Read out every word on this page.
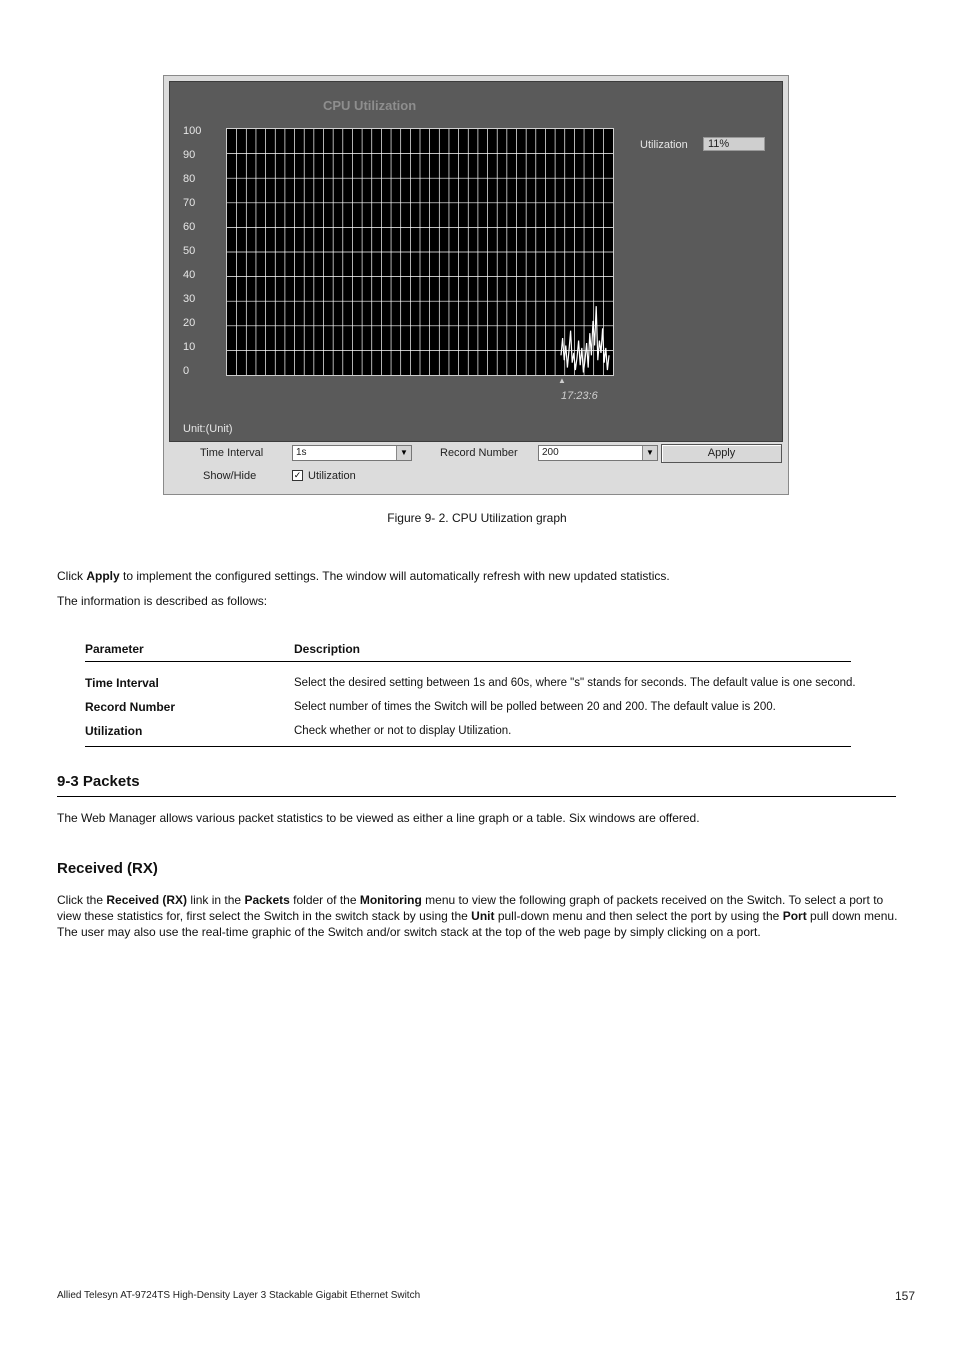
CPU Utilization
100
90
80
70
60
50
40
30
20
10
0
Utilization	11%
▲
17:23:6
Unit:(Unit)
Time Interval	1s	▼	Record Number	200	▼	Apply
Show/Hide	✓ Utilization
Figure 9- 2. CPU Utilization graph
Click Apply to implement the configured settings. The window will automatically refresh with new updated statistics.
The information is described as follows:
Parameter	Description
Time Interval	Select the desired setting between 1s and 60s, where "s" stands for seconds. The default value is one second.
Record Number	Select number of times the Switch will be polled between 20 and 200. The default value is 200.
Utilization	Check whether or not to display Utilization.
9-3 Packets
The Web Manager allows various packet statistics to be viewed as either a line graph or a table. Six windows are offered.
Received (RX)
Click the Received (RX) link in the Packets folder of the Monitoring menu to view the following graph of packets received on the Switch. To select a port to view these statistics for, first select the Switch in the switch stack by using the Unit pull-down menu and then select the port by using the Port pull down menu. The user may also use the real-time graphic of the Switch and/or switch stack at the top of the web page by simply clicking on a port.
Allied Telesyn AT-9724TS High-Density Layer 3 Stackable Gigabit Ethernet Switch	157
